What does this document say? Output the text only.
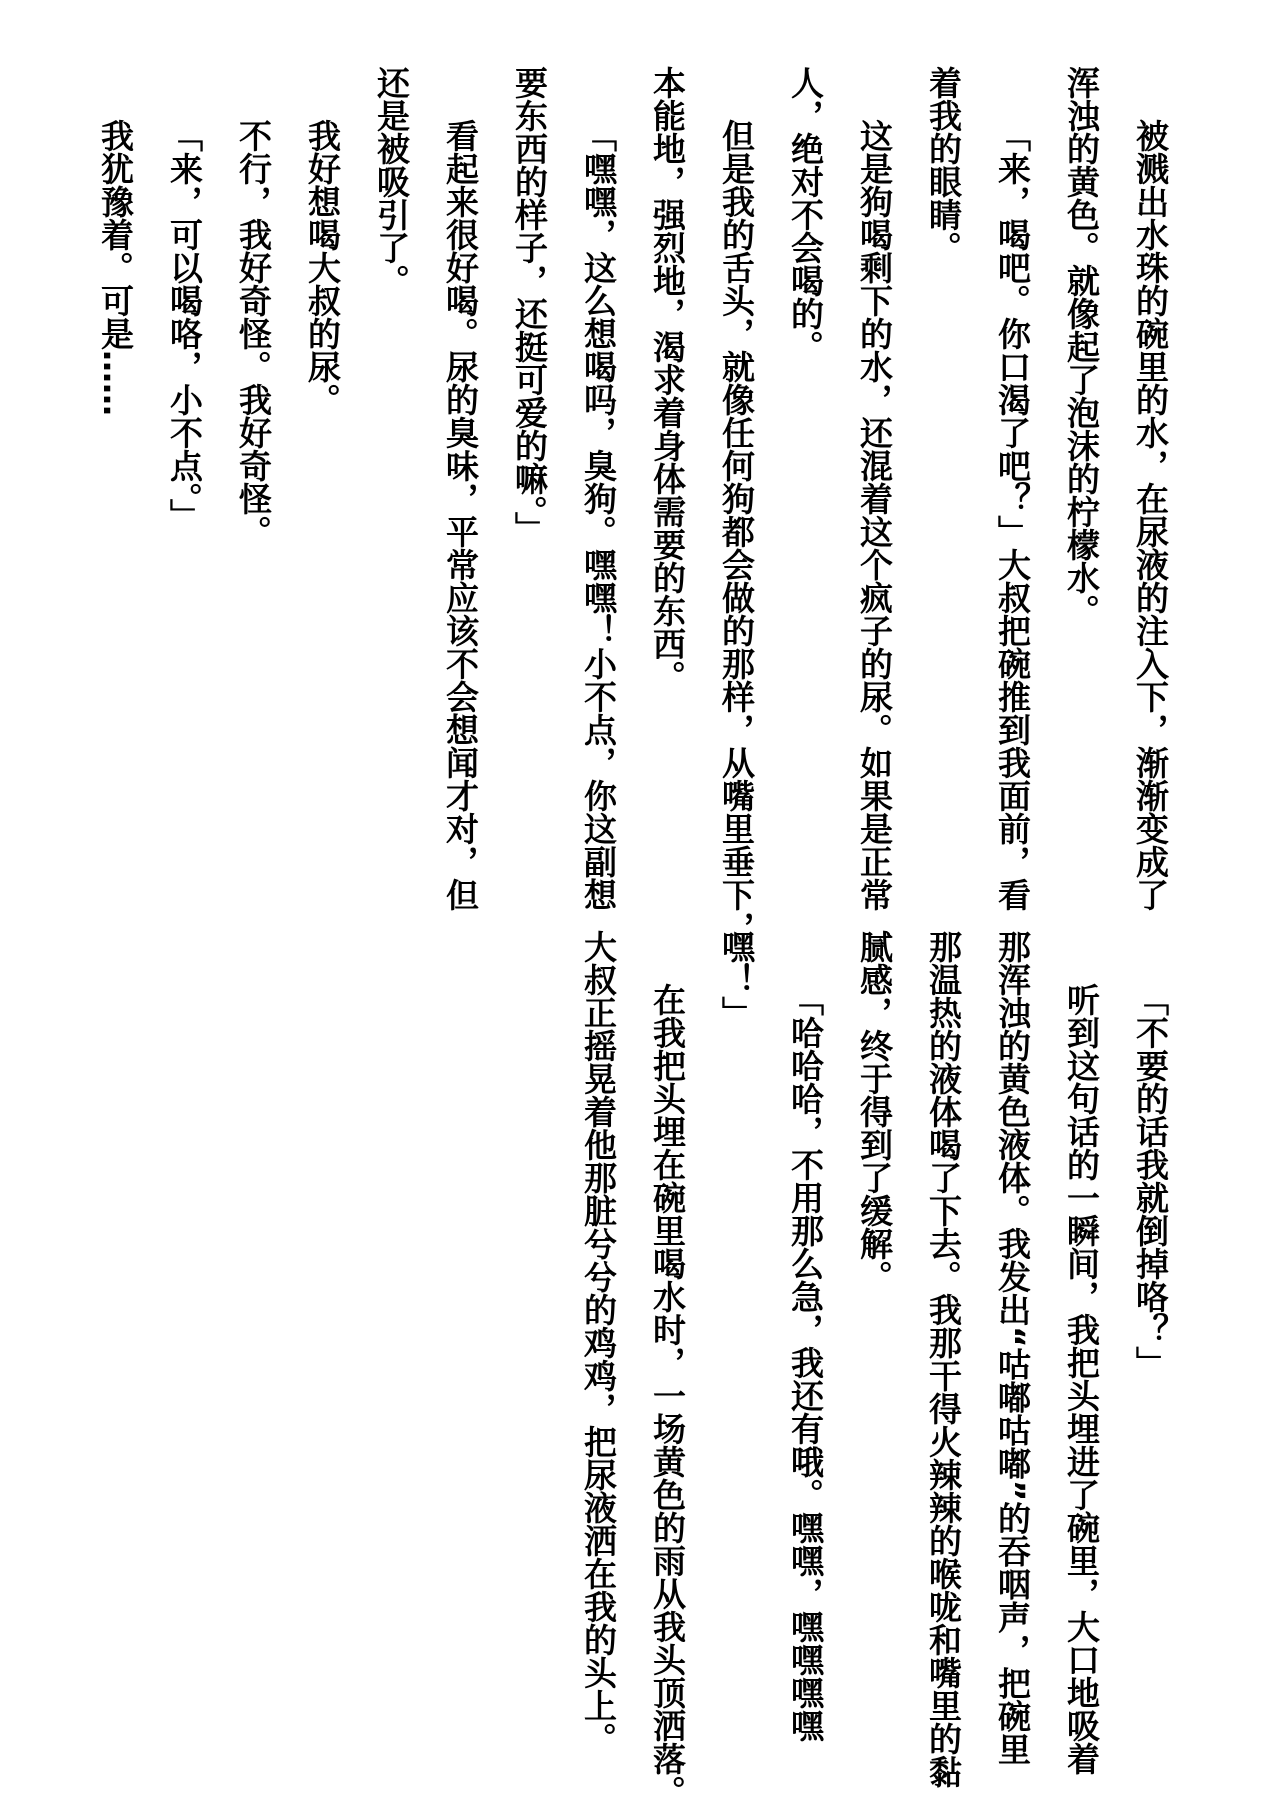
被溅出水珠的碗里的水，在尿液的注入下，渐渐变成了

浑浊的黄色。就像起了泡沫的柠檬水。

「来，喝吧。你口渴了吧？」大叔把碗推到我面前，看

着我的眼睛。

这是狗喝剩下的水，还混着这个疯子的尿。如果是正常

人，绝对不会喝的。

但是我的舌头，就像任何狗都会做的那样，从嘴里垂下，

本能地，强烈地，渴求着身体需要的东西。

「嘿嘿，这么想喝吗，臭狗。嘿嘿！小不点，你这副想

要东西的样子，还挺可爱的嘛。」

看起来很好喝。尿的臭味，平常应该不会想闻才对，但

还是被吸引了。

我好想喝大叔的尿。

不行，我好奇怪。我好奇怪。

「来，可以喝咯，小不点。」

我犹豫着。可是……

「不要的话我就倒掉咯？」

听到这句话的一瞬间，我把头埋进了碗里，大口地吸着

那浑浊的黄色液体。我发出“咕嘟咕嘟”的吞咽声，把碗里

那温热的液体喝了下去。我那干得火辣辣的喉咙和嘴里的黏

腻感，终于得到了缓解。

「哈哈哈，不用那么急，我还有哦。嘿嘿，嘿嘿嘿嘿

嘿！」

在我把头埋在碗里喝水时，一场黄色的雨从我头顶洒落。

大叔正摇晃着他那脏兮兮的鸡鸡，把尿液洒在我的头上。
